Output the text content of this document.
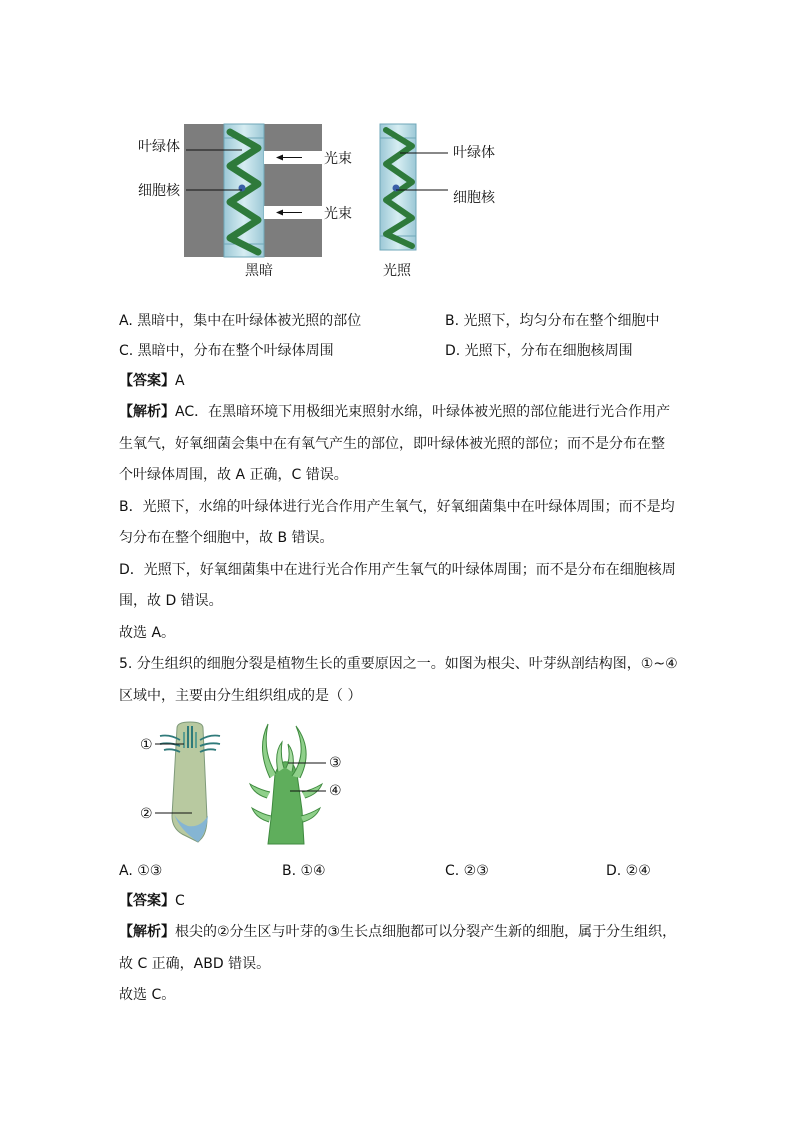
叶绿体
细胞核
光束
光束
叶绿体
细胞核
黑暗	光照
A. 黑暗中，集中在叶绿体被光照的部位	B. 光照下，均匀分布在整个细胞中
C. 黑暗中，分布在整个叶绿体周围	D. 光照下，分布在细胞核周围
【答案】A
【解析】AC．在黑暗环境下用极细光束照射水绵，叶绿体被光照的部位能进行光合作用产
生氧气，好氧细菌会集中在有氧气产生的部位，即叶绿体被光照的部位；而不是分布在整
个叶绿体周围，故 A 正确，C 错误。
B．光照下，水绵的叶绿体进行光合作用产生氧气，好氧细菌集中在叶绿体周围；而不是均
匀分布在整个细胞中，故 B 错误。
D．光照下，好氧细菌集中在进行光合作用产生氧气的叶绿体周围；而不是分布在细胞核周
围，故 D 错误。
故选 A。
5. 分生组织的细胞分裂是植物生长的重要原因之一。如图为根尖、叶芽纵剖结构图，①~④
区域中，主要由分生组织组成的是（ ）
①
②
③
④
A. ①③	B. ①④	C. ②③	D. ②④
【答案】C
【解析】根尖的②分生区与叶芽的③生长点细胞都可以分裂产生新的细胞，属于分生组织，
故 C 正确，ABD 错误。
故选 C。
